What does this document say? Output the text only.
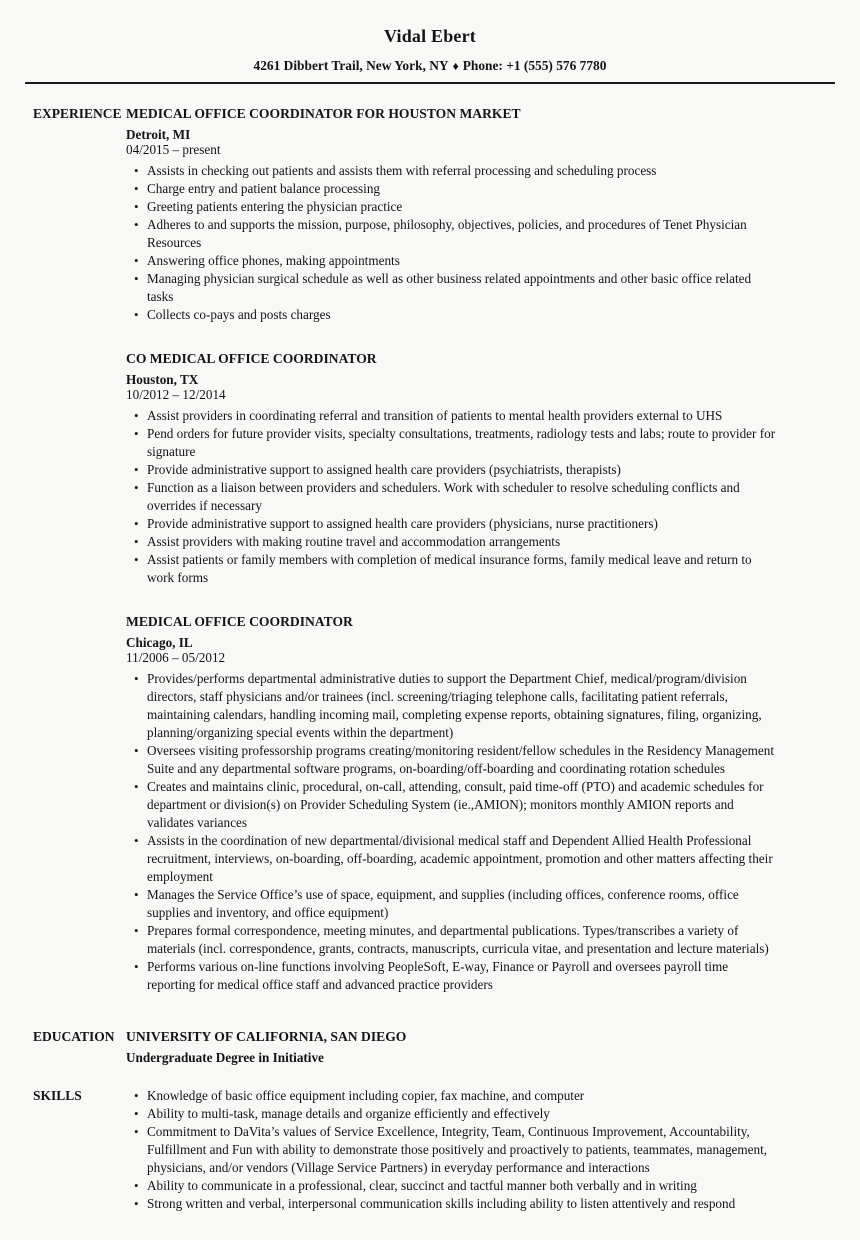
Vidal Ebert

4261 Dibbert Trail, New York, NY ♦ Phone: +1 (555) 576 7780

EXPERIENCE MEDICAL OFFICE COORDINATOR FOR HOUSTON MARKET

Detroit, MI

04/2015 – present

• Assists in checking out patients and assists them with referral processing and scheduling process
• Charge entry and patient balance processing
• Greeting patients entering the physician practice
• Adheres to and supports the mission, purpose, philosophy, objectives, policies, and procedures of Tenet Physician Resources
• Answering office phones, making appointments
• Managing physician surgical schedule as well as other business related appointments and other basic office related tasks
• Collects co-pays and posts charges
CO MEDICAL OFFICE COORDINATOR

Houston, TX

10/2012 – 12/2014

• Assist providers in coordinating referral and transition of patients to mental health providers external to UHS
• Pend orders for future provider visits, specialty consultations, treatments, radiology tests and labs; route to provider for signature
• Provide administrative support to assigned health care providers (psychiatrists, therapists)
• Function as a liaison between providers and schedulers. Work with scheduler to resolve scheduling conflicts and overrides if necessary
• Provide administrative support to assigned health care providers (physicians, nurse practitioners)
• Assist providers with making routine travel and accommodation arrangements
• Assist patients or family members with completion of medical insurance forms, family medical leave and return to work forms
MEDICAL OFFICE COORDINATOR

Chicago, IL

11/2006 – 05/2012

• Provides/performs departmental administrative duties to support the Department Chief, medical/program/division directors, staff physicians and/or trainees (incl. screening/triaging telephone calls, facilitating patient referrals, maintaining calendars, handling incoming mail, completing expense reports, obtaining signatures, filing, organizing, planning/organizing special events within the department)
• Oversees visiting professorship programs creating/monitoring resident/fellow schedules in the Residency Management Suite and any departmental software programs, on-boarding/off-boarding and coordinating rotation schedules
• Creates and maintains clinic, procedural, on-call, attending, consult, paid time-off (PTO) and academic schedules for department or division(s) on Provider Scheduling System (ie.,AMION); monitors monthly AMION reports and validates variances
• Assists in the coordination of new departmental/divisional medical staff and Dependent Allied Health Professional recruitment, interviews, on-boarding, off-boarding, academic appointment, promotion and other matters affecting their employment
• Manages the Service Office’s use of space, equipment, and supplies (including offices, conference rooms, office supplies and inventory, and office equipment)
• Prepares formal correspondence, meeting minutes, and departmental publications. Types/transcribes a variety of materials (incl. correspondence, grants, contracts, manuscripts, curricula vitae, and presentation and lecture materials)
• Performs various on-line functions involving PeopleSoft, E-way, Finance or Payroll and oversees payroll time reporting for medical office staff and advanced practice providers
EDUCATION UNIVERSITY OF CALIFORNIA, SAN DIEGO

Undergraduate Degree in Initiative

SKILLS	• Knowledge of basic office equipment including copier, fax machine, and computer
• Ability to multi-task, manage details and organize efficiently and effectively
• Commitment to DaVita’s values of Service Excellence, Integrity, Team, Continuous Improvement, Accountability, Fulfillment and Fun with ability to demonstrate those positively and proactively to patients, teammates, management, physicians, and/or vendors (Village Service Partners) in everyday performance and interactions
• Ability to communicate in a professional, clear, succinct and tactful manner both verbally and in writing
• Strong written and verbal, interpersonal communication skills including ability to listen attentively and respond
